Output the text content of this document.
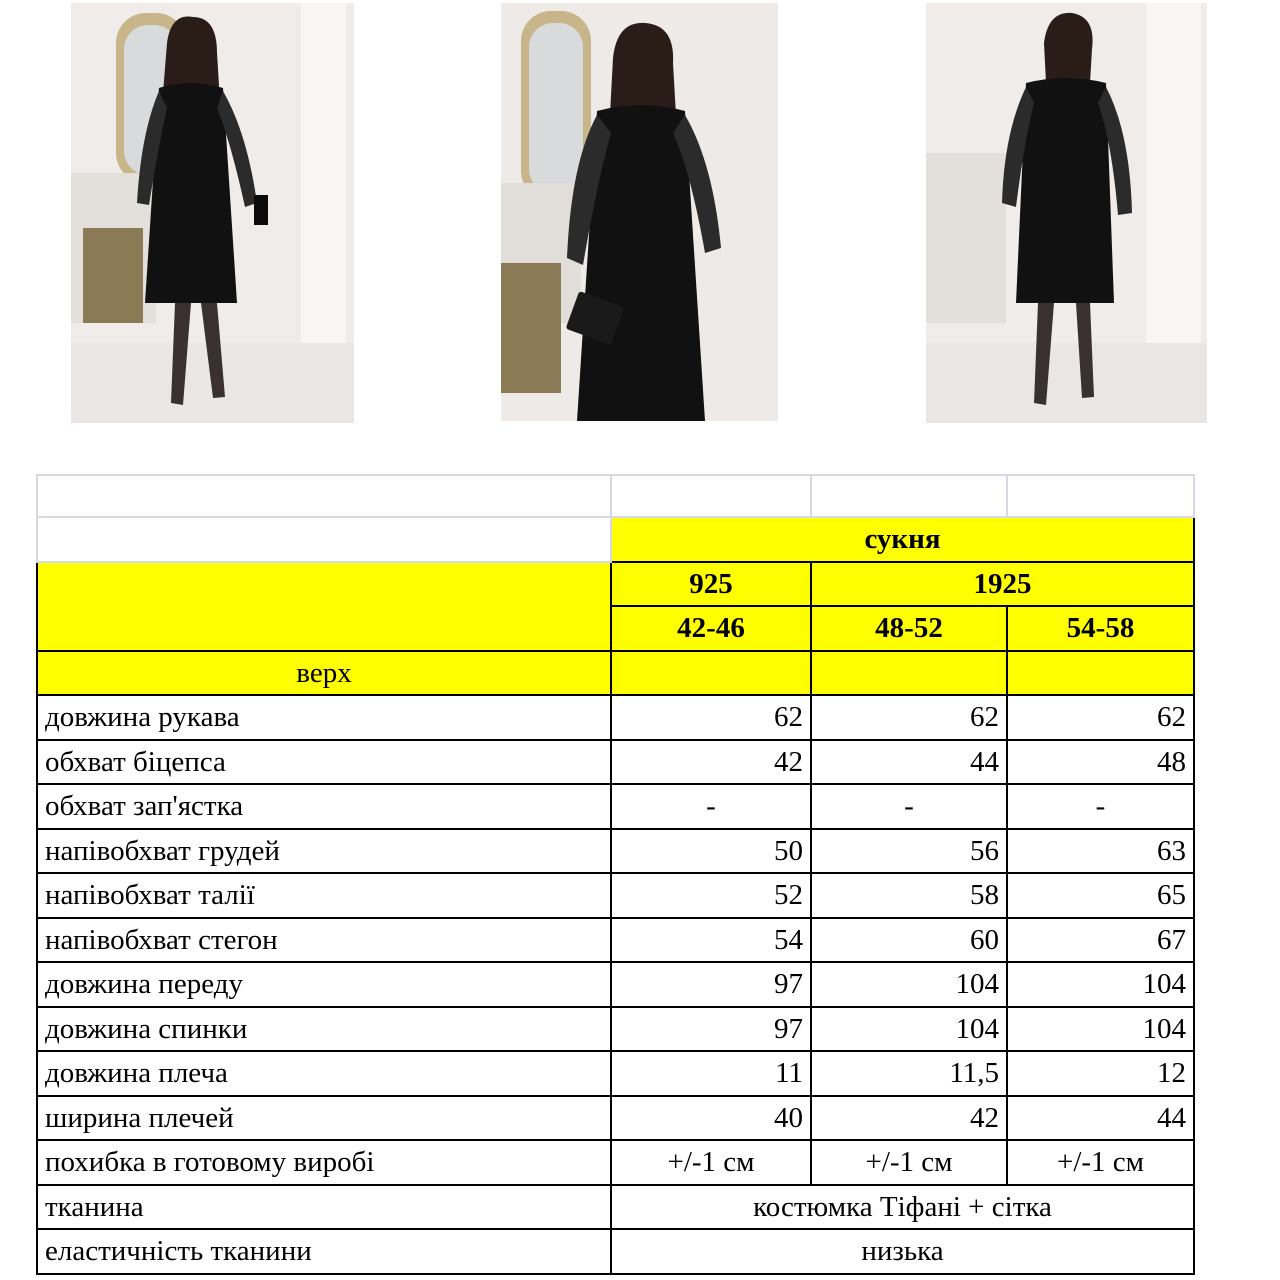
	сукня		
	925	1925	
	42-46	48-52	54-58
верх			
довжина рукава	62	62	62
обхват біцепса	42	44	48
обхват зап'ястка	-	-	-
напівобхват грудей	50	56	63
напівобхват талії	52	58	65
напівобхват стегон	54	60	67
довжина переду	97	104	104
довжина спинки	97	104	104
довжина плеча	11	11,5	12
ширина плечей	40	42	44
похибка в готовому виробі	+/-1 см	+/-1 см	+/-1 см
тканина	костюмка Тіфані + сітка		
еластичність тканини	низька		
